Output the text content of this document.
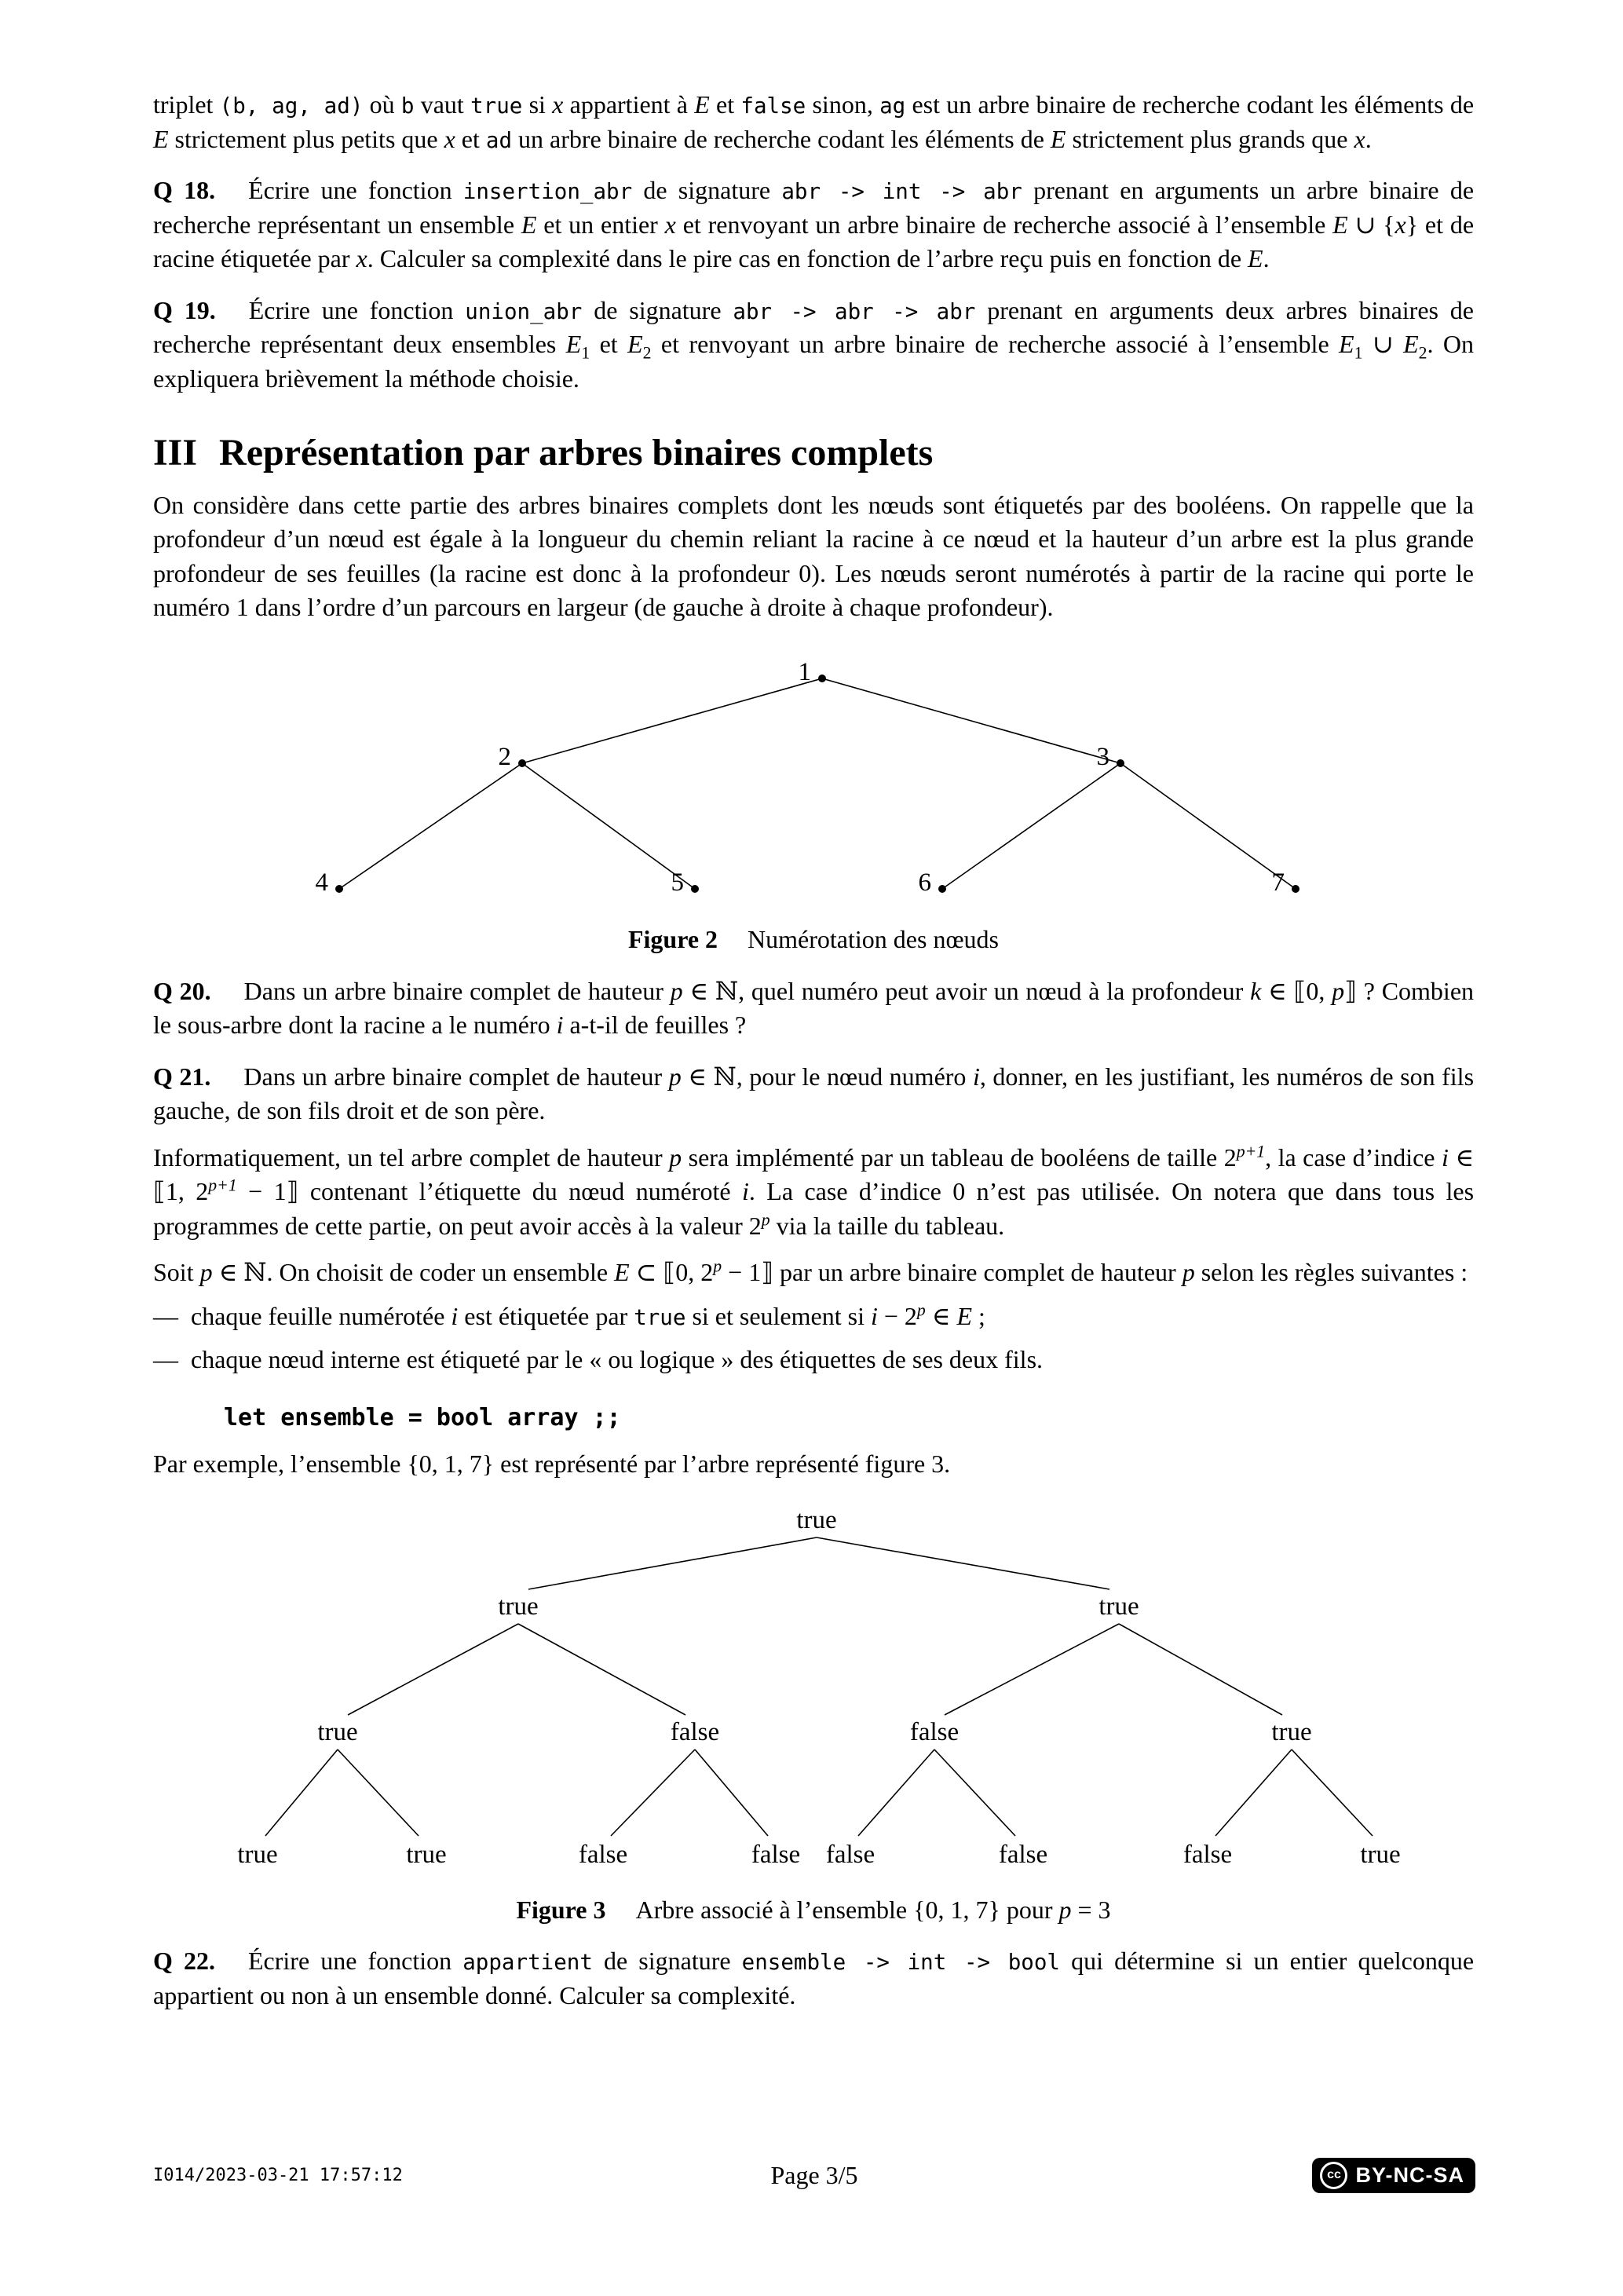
triplet (b, ag, ad) où b vaut true si x appartient à E et false sinon, ag est un arbre binaire de recherche codant les éléments de E strictement plus petits que x et ad un arbre binaire de recherche codant les éléments de E strictement plus grands que x.

Q 18. Écrire une fonction insertion_abr de signature abr -> int -> abr prenant en arguments un arbre binaire de recherche représentant un ensemble E et un entier x et renvoyant un arbre binaire de recherche associé à l’ensemble E ∪ {x} et de racine étiquetée par x. Calculer sa complexité dans le pire cas en fonction de l’arbre reçu puis en fonction de E.

Q 19. Écrire une fonction union_abr de signature abr -> abr -> abr prenant en arguments deux arbres binaires de recherche représentant deux ensembles $E_1$ et $E_2$ et renvoyant un arbre binaire de recherche associé à l’ensemble $E_1$ ∪ $E_2$. On expliquera brièvement la méthode choisie.

III Représentation par arbres binaires complets

On considère dans cette partie des arbres binaires complets dont les nœuds sont étiquetés par des booléens. On rappelle que la profondeur d’un nœud est égale à la longueur du chemin reliant la racine à ce nœud et la hauteur d’un arbre est la plus grande profondeur de ses feuilles (la racine est donc à la profondeur 0). Les nœuds seront numérotés à partir de la racine qui porte le numéro 1 dans l’ordre d’un parcours en largeur (de gauche à droite à chaque profondeur).

1
2	3
4	5	6	7
Figure 2 Numérotation des nœuds

Q 20. Dans un arbre binaire complet de hauteur p ∈ ℕ, quel numéro peut avoir un nœud à la profondeur k ∈ ⟦0, p⟧ ? Combien le sous-arbre dont la racine a le numéro i a-t-il de feuilles ?

Q 21. Dans un arbre binaire complet de hauteur p ∈ ℕ, pour le nœud numéro i, donner, en les justifiant, les numéros de son fils gauche, de son fils droit et de son père.

Informatiquement, un tel arbre complet de hauteur p sera implémenté par un tableau de booléens de taille $2^{p+1}$, la case d’indice i ∈ ⟦1, $2^{p+1}$ − 1⟧ contenant l’étiquette du nœud numéroté i. La case d’indice 0 n’est pas utilisée. On notera que dans tous les programmes de cette partie, on peut avoir accès à la valeur 2$^p$ via la taille du tableau.

Soit p ∈ ℕ. On choisit de coder un ensemble E ⊂ ⟦0, $2^p$ − 1⟧ par un arbre binaire complet de hauteur p selon les règles suivantes :

— chaque feuille numérotée i est étiquetée par true si et seulement si $i - 2^p$ ∈ E ;

— chaque nœud interne est étiqueté par le « ou logique » des étiquettes de ses deux fils.

let ensemble = bool array ;;

Par exemple, l’ensemble {0, 1, 7} est représenté par l’arbre représenté figure 3.

true
true	true
true	false	false	true
true	true	false	false false	false	false	true
Figure 3 Arbre associé à l’ensemble {0, 1, 7} pour p = 3

Q 22. Écrire une fonction appartient de signature ensemble -> int -> bool qui détermine si un entier quelconque appartient ou non à un ensemble donné. Calculer sa complexité.

I014/2023-03-21 17:57:12	Page 3/5	cc BY-NC-SA
